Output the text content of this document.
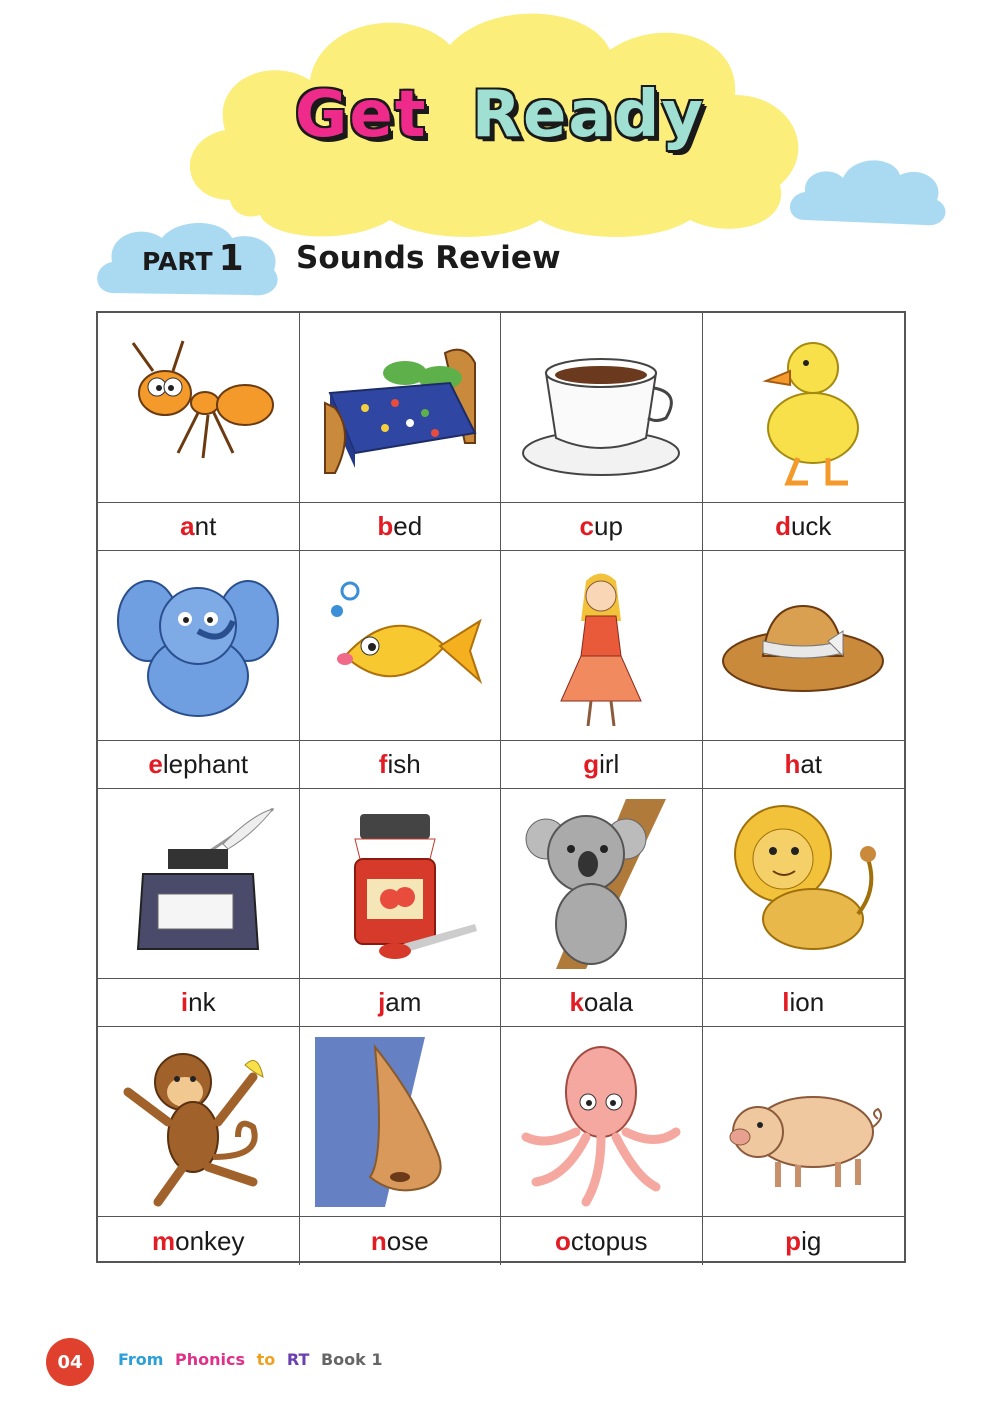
Get Ready
PART 1 Sounds Review
a nt	b ed	c up	d uck
e lephant	f ish	g irl	h at
i nk	j am	k oala	l ion
m onkey	n ose	o ctopus	p ig
04	From Phonics to RT Book 1
